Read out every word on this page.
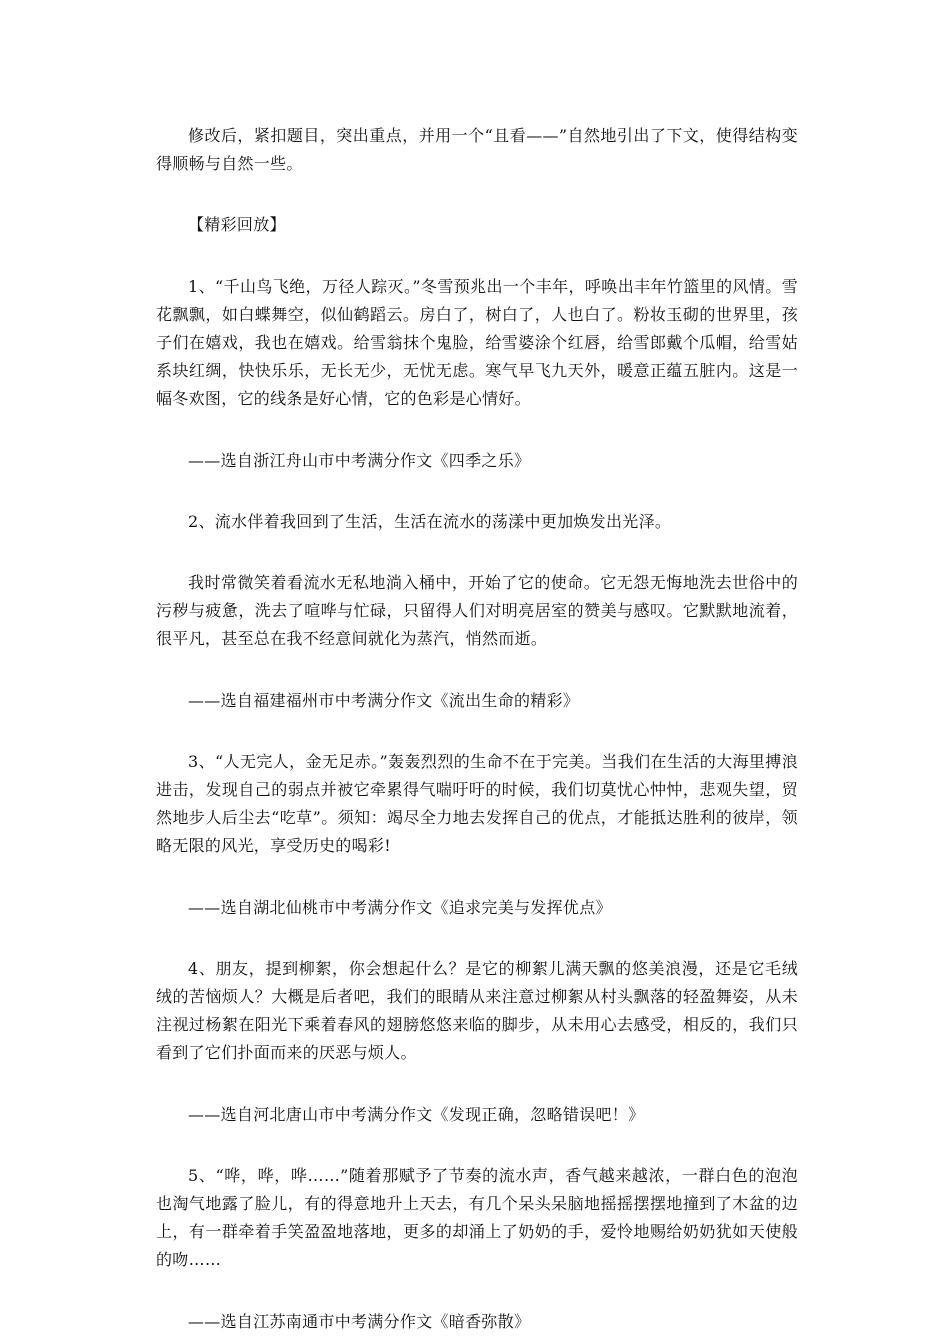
修改后，紧扣题目，突出重点，并用一个“且看——”自然地引出了下文，使得结构变得顺畅与自然一些。

【精彩回放】

1、“千山鸟飞绝，万径人踪灭。”冬雪预兆出一个丰年，呼唤出丰年竹篮里的风情。雪花飘飘，如白蝶舞空，似仙鹤蹈云。房白了，树白了，人也白了。粉妆玉砌的世界里，孩子们在嬉戏，我也在嬉戏。给雪翁抹个鬼脸，给雪婆涂个红唇，给雪郎戴个瓜帽，给雪姑系块红绸，快快乐乐，无长无少，无忧无虑。寒气早飞九天外，暖意正蕴五脏内。这是一幅冬欢图，它的线条是好心情，它的色彩是心情好。

——选自浙江舟山市中考满分作文《四季之乐》

2、流水伴着我回到了生活，生活在流水的荡漾中更加焕发出光泽。

我时常微笑着看流水无私地淌入桶中，开始了它的使命。它无怨无悔地洗去世俗中的污秽与疲惫，洗去了喧哗与忙碌，只留得人们对明亮居室的赞美与感叹。它默默地流着，很平凡，甚至总在我不经意间就化为蒸汽，悄然而逝。

——选自福建福州市中考满分作文《流出生命的精彩》

3、“人无完人，金无足赤。”轰轰烈烈的生命不在于完美。当我们在生活的大海里搏浪进击，发现自己的弱点并被它牵累得气喘吁吁的时候，我们切莫忧心忡忡，悲观失望，贸然地步人后尘去“吃草”。须知：竭尽全力地去发挥自己的优点，才能抵达胜利的彼岸，领略无限的风光，享受历史的喝彩!

——选自湖北仙桃市中考满分作文《追求完美与发挥优点》

4、朋友，提到柳絮，你会想起什么？是它的柳絮儿满天飘的悠美浪漫，还是它毛绒绒的苦恼烦人？大概是后者吧，我们的眼睛从来注意过柳絮从村头飘落的轻盈舞姿，从未注视过杨絮在阳光下乘着春风的翅膀悠悠来临的脚步，从未用心去感受，相反的，我们只看到了它们扑面而来的厌恶与烦人。

——选自河北唐山市中考满分作文《发现正确，忽略错误吧！》

5、“哗，哗，哗……”随着那赋予了节奏的流水声，香气越来越浓，一群白色的泡泡也淘气地露了脸儿，有的得意地升上天去，有几个呆头呆脑地摇摇摆摆地撞到了木盆的边上，有一群牵着手笑盈盈地落地，更多的却涌上了奶奶的手，爱怜地赐给奶奶犹如天使般的吻……

——选自江苏南通市中考满分作文《暗香弥散》
